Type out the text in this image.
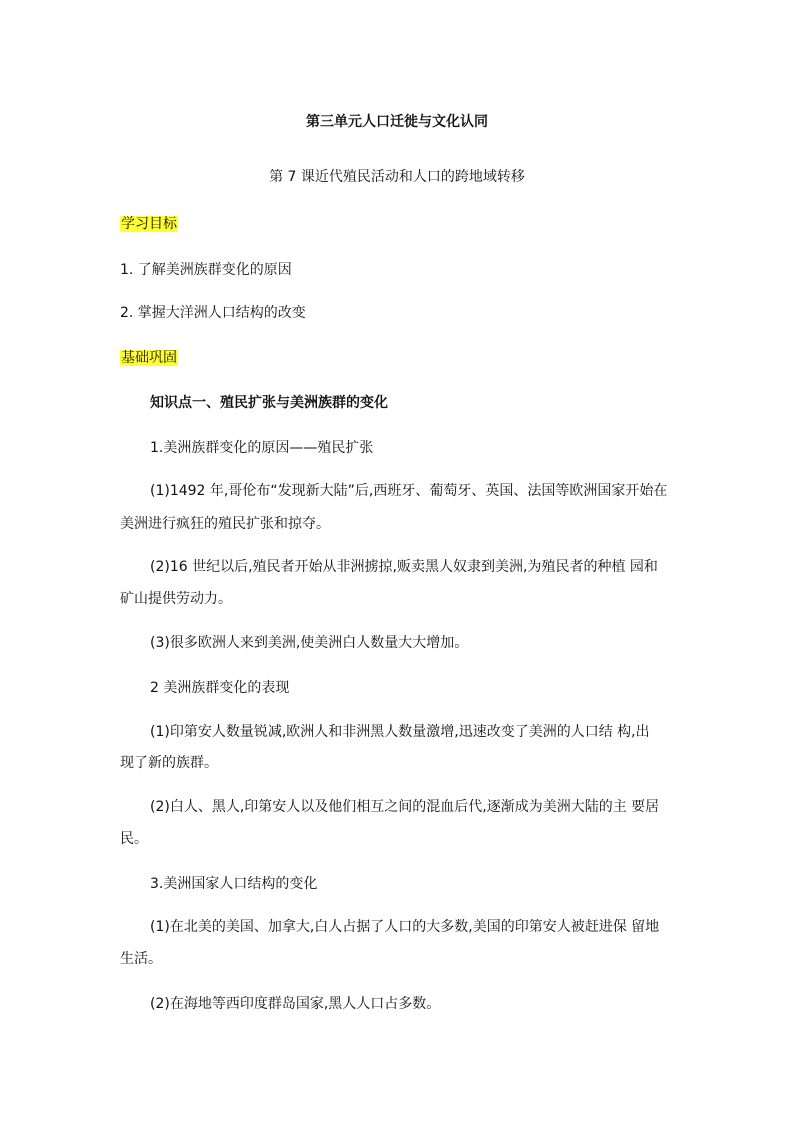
第三单元人口迁徙与文化认同
第 7 课近代殖民活动和人口的跨地域转移
学习目标
1. 了解美洲族群变化的原因
2. 掌握大洋洲人口结构的改变
基础巩固
知识点一、殖民扩张与美洲族群的变化
1.美洲族群变化的原因——殖民扩张
(1)1492 年,哥伦布“发现新大陆”后,西班牙、葡萄牙、英国、法国等欧洲国家开始在
美洲进行疯狂的殖民扩张和掠夺。
(2)16 世纪以后,殖民者开始从非洲掳掠,贩卖黑人奴隶到美洲,为殖民者的种植 园和
矿山提供劳动力。
(3)很多欧洲人来到美洲,使美洲白人数量大大增加。
2 美洲族群变化的表现
(1)印第安人数量锐减,欧洲人和非洲黑人数量激增,迅速改变了美洲的人口结 构,出
现了新的族群。
(2)白人、黑人,印第安人以及他们相互之间的混血后代,逐渐成为美洲大陆的主 要居
民。
3.美洲国家人口结构的变化
(1)在北美的美国、加拿大,白人占据了人口的大多数,美国的印第安人被赶进保 留地
生活。
(2)在海地等西印度群岛国家,黑人人口占多数。
